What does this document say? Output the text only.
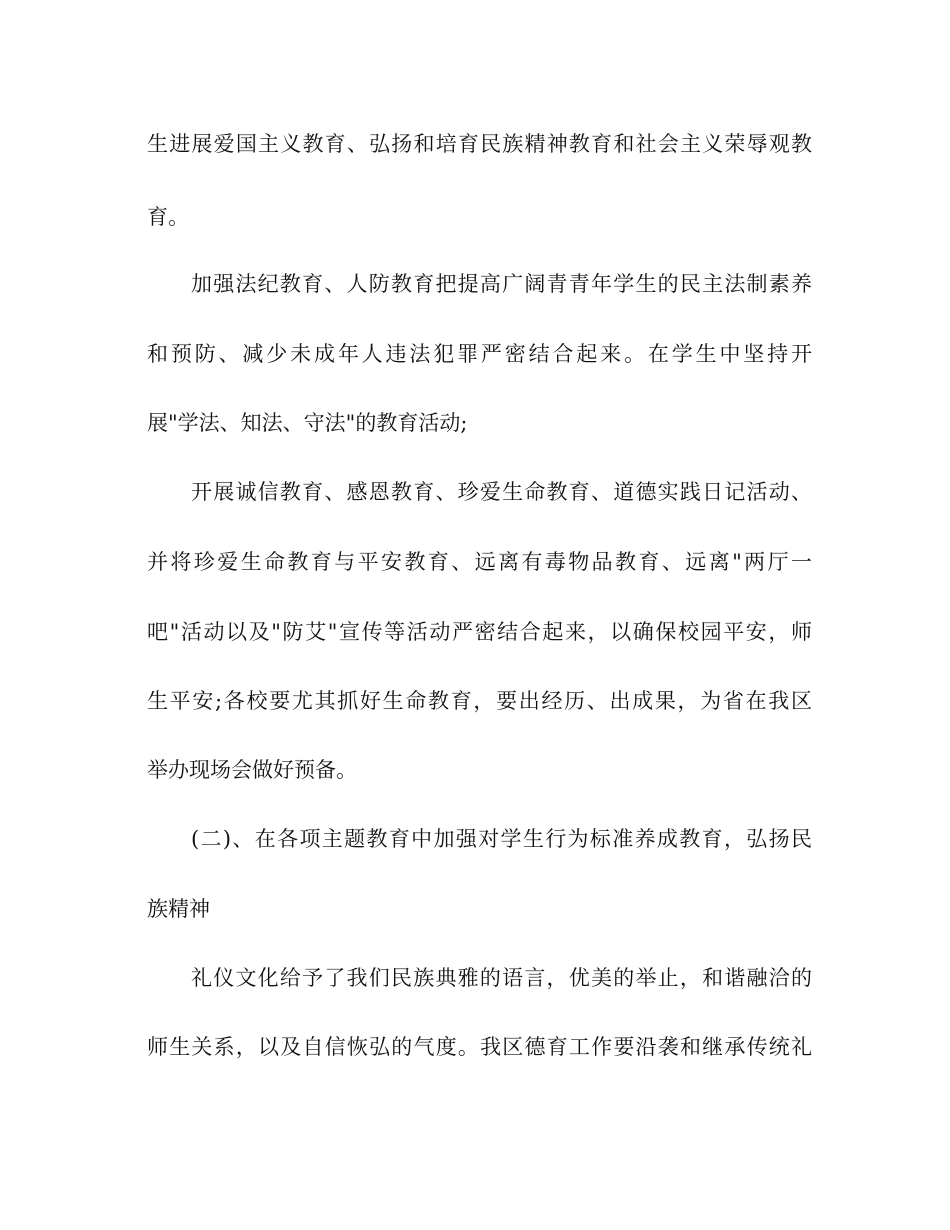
生进展爱国主义教育、弘扬和培育民族精神教育和社会主义荣辱观教
育。
加强法纪教育、人防教育把提高广阔青青年学生的民主法制素养
和预防、减少未成年人违法犯罪严密结合起来。在学生中坚持开
展"学法、知法、守法"的教育活动;
开展诚信教育、感恩教育、珍爱生命教育、道德实践日记活动、
并将珍爱生命教育与平安教育、远离有毒物品教育、远离"两厅一
吧"活动以及"防艾"宣传等活动严密结合起来，以确保校园平安，师
生平安;各校要尤其抓好生命教育，要出经历、出成果，为省在我区
举办现场会做好预备。
(二)、在各项主题教育中加强对学生行为标准养成教育，弘扬民
族精神
礼仪文化给予了我们民族典雅的语言，优美的举止，和谐融洽的
师生关系，以及自信恢弘的气度。我区德育工作要沿袭和继承传统礼
